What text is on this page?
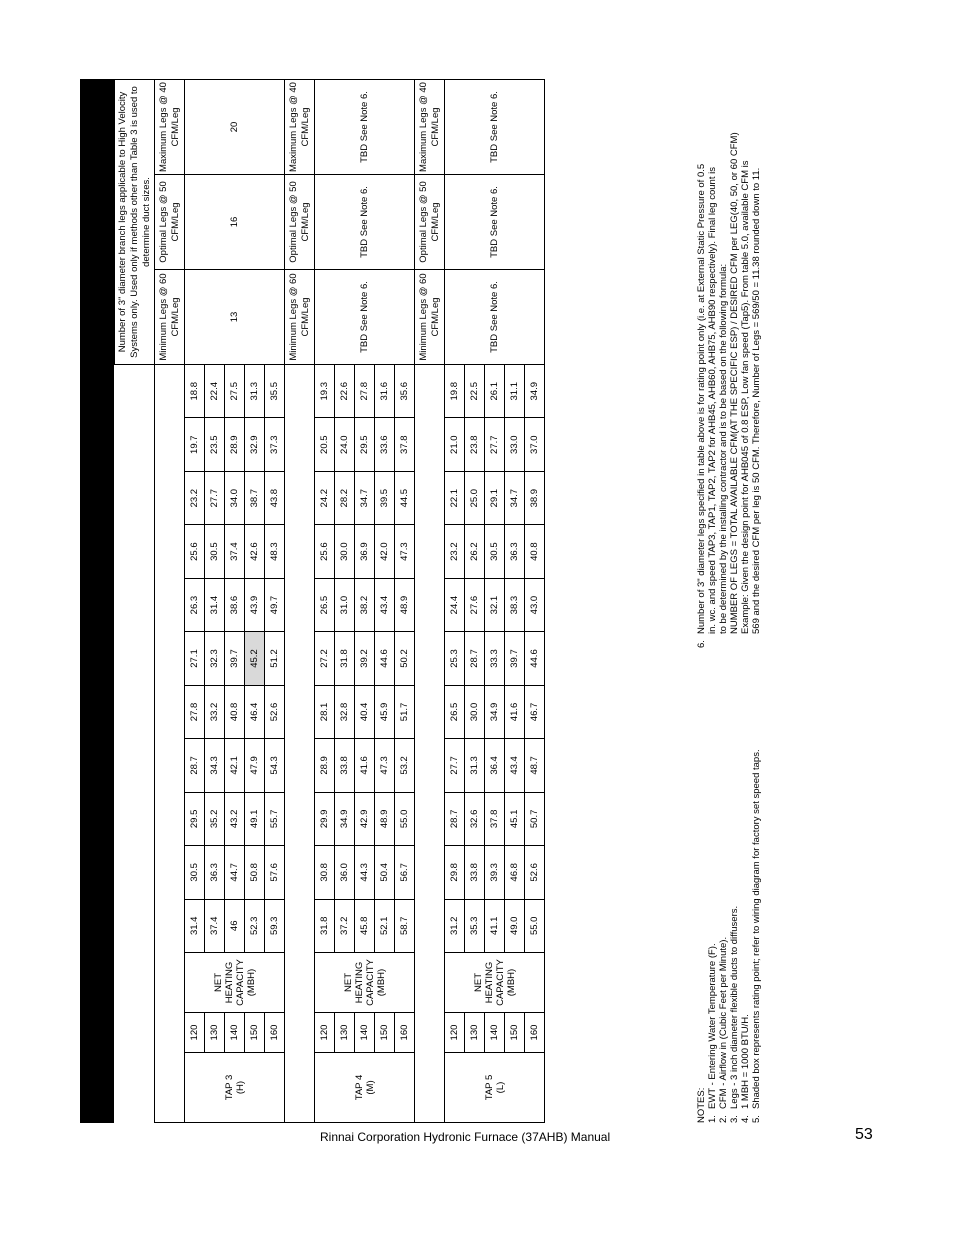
														Number of 3" diameter branch legs applicable to High Velocity Systems only. Used only if methods other than Table 3 is used to determine duct sizes.		
														Minimum Legs @ 60 CFM/Leg	Optimal Legs @ 50 CFM/Leg	Maximum Legs @ 40 CFM/Leg

TAP 3 (H)	120	NET HEATING CAPACITY (MBH)	31.4	30.5	29.5	28.7	27.8	27.1	26.3	25.6	23.2	19.7	18.8	13	16	20
	130		37.4	36.3	35.2	34.3	33.2	32.3	31.4	30.5	27.7	23.5	22.4			
	140		46	44.7	43.2	42.1	40.8	39.7	38.6	37.4	34.0	28.9	27.5			
	150		52.3	50.8	49.1	47.9	46.4	45.2	43.9	42.6	38.7	32.9	31.3			
	160		59.3	57.6	55.7	54.3	52.6	51.2	49.7	48.3	43.8	37.3	35.5			
														Minimum Legs @ 60 CFM/Leg	Optimal Legs @ 50 CFM/Leg	Maximum Legs @ 40 CFM/Leg

TAP 4 (M)	120	NET HEATING CAPACITY (MBH)	31.8	30.8	29.9	28.9	28.1	27.2	26.5	25.6	24.2	20.5	19.3	TBD See Note 6.	TBD See Note 6.	TBD See Note 6.
	130		37.2	36.0	34.9	33.8	32.8	31.8	31.0	30.0	28.2	24.0	22.6			
	140		45.8	44.3	42.9	41.6	40.4	39.2	38.2	36.9	34.7	29.5	27.8			
	150		52.1	50.4	48.9	47.3	45.9	44.6	43.4	42.0	39.5	33.6	31.6			
	160		58.7	56.7	55.0	53.2	51.7	50.2	48.9	47.3	44.5	37.8	35.6			
														Minimum Legs @ 60 CFM/Leg	Optimal Legs @ 50 CFM/Leg	Maximum Legs @ 40 CFM/Leg

TAP 5 (L)	120	NET HEATING CAPACITY (MBH)	31.2	29.8	28.7	27.7	26.5	25.3	24.4	23.2	22.1	21.0	19.8	TBD See Note 6.	TBD See Note 6.	TBD See Note 6.
	130		35.3	33.8	32.6	31.3	30.0	28.7	27.6	26.2	25.0	23.8	22.5			
	140		41.1	39.3	37.8	36.4	34.9	33.3	32.1	30.5	29.1	27.7	26.1			
	150		49.0	46.8	45.1	43.4	41.6	39.7	38.3	36.3	34.7	33.0	31.1			
	160		55.0	52.6	50.7	48.7	46.7	44.6	43.0	40.8	38.9	37.0	34.9			
NOTES: 1.EWT - Entering Water Temperature (F).
2.CFM - Airflow in (Cubic Feet per Minute).
3.Legs - 3 inch diameter flexible ducts to diffusers.
4.1 MBH = 1000 BTU/H.
5.Shaded box represents rating point; refer to wiring diagram for factory set speed taps.
6.Number of 3" diameter legs specified in table above is for rating point only (i.e. at External Static Pressure of 0.5 in. wc. and speed TAP3, TAP1, TAP2, TAP2 for AHB45, AHB60, AHB75, AHB90 respectively). Final leg count is to be determined by the installing contractor and is to be based on the following formula: NUMBER OF LEGS = TOTAL AVAILABLE CFM(AT THE SPECIFIC ESP) / DESIRED CFM per LEG(40, 50, or 60 CFM) Example: Given the design point for AHB045 of 0.8 ESP, Low fan speed (Tap5). From table 5.0, available CFM is 569 and the desired CFM per leg is 50 CFM. Therefore, Number of Legs = 569/50 = 11.38 rounded down to 11.
Rinnai Corporation Hydronic Furnace (37AHB) Manual	53
